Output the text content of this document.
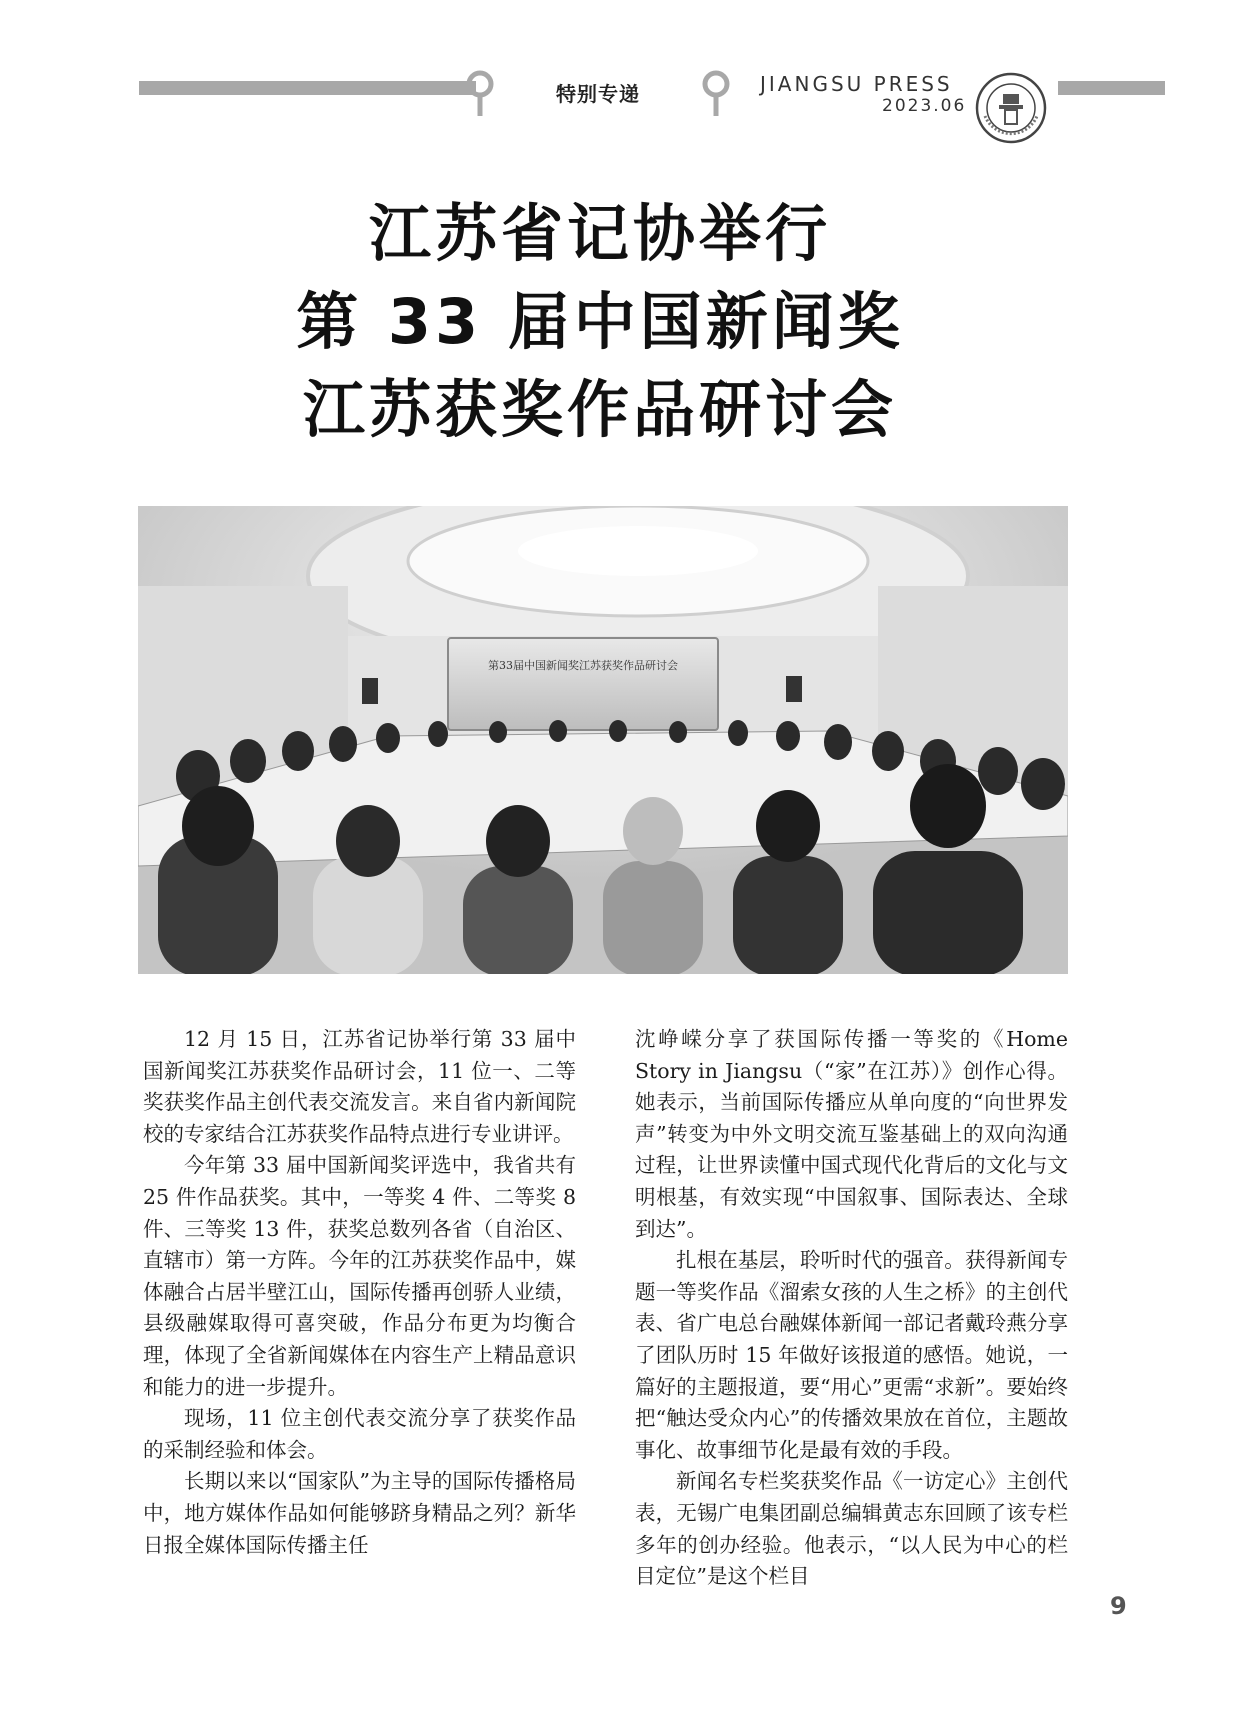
特别专递	JIANGSU PRESS
2023.06
江苏省记协举行
第 33 届中国新闻奖
江苏获奖作品研讨会
第33届中国新闻奖江苏获奖作品研讨会

12 月 15 日，江苏省记协举行第 33 届中国新闻奖江苏获奖作品研讨会，11 位一、二等奖获奖作品主创代表交流发言。来自省内新闻院校的专家结合江苏获奖作品特点进行专业讲评。

今年第 33 届中国新闻奖评选中，我省共有 25 件作品获奖。其中，一等奖 4 件、二等奖 8 件、三等奖 13 件，获奖总数列各省（自治区、直辖市）第一方阵。今年的江苏获奖作品中，媒体融合占居半壁江山，国际传播再创骄人业绩，县级融媒取得可喜突破，作品分布更为均衡合理，体现了全省新闻媒体在内容生产上精品意识和能力的进一步提升。

现场，11 位主创代表交流分享了获奖作品的采制经验和体会。

长期以来以“国家队”为主导的国际传播格局中，地方媒体作品如何能够跻身精品之列？新华日报全媒体国际传播主任

沈峥嵘分享了获国际传播一等奖的《Home Story in Jiangsu（“家”在江苏）》创作心得。她表示，当前国际传播应从单向度的“向世界发声”转变为中外文明交流互鉴基础上的双向沟通过程，让世界读懂中国式现代化背后的文化与文明根基，有效实现“中国叙事、国际表达、全球到达”。

扎根在基层，聆听时代的强音。获得新闻专题一等奖作品《溜索女孩的人生之桥》的主创代表、省广电总台融媒体新闻一部记者戴玲燕分享了团队历时 15 年做好该报道的感悟。她说，一篇好的主题报道，要“用心”更需“求新”。要始终把“触达受众内心”的传播效果放在首位，主题故事化、故事细节化是最有效的手段。

新闻名专栏奖获奖作品《一访定心》主创代表，无锡广电集团副总编辑黄志东回顾了该专栏多年的创办经验。他表示，“以人民为中心的栏目定位”是这个栏目

9
